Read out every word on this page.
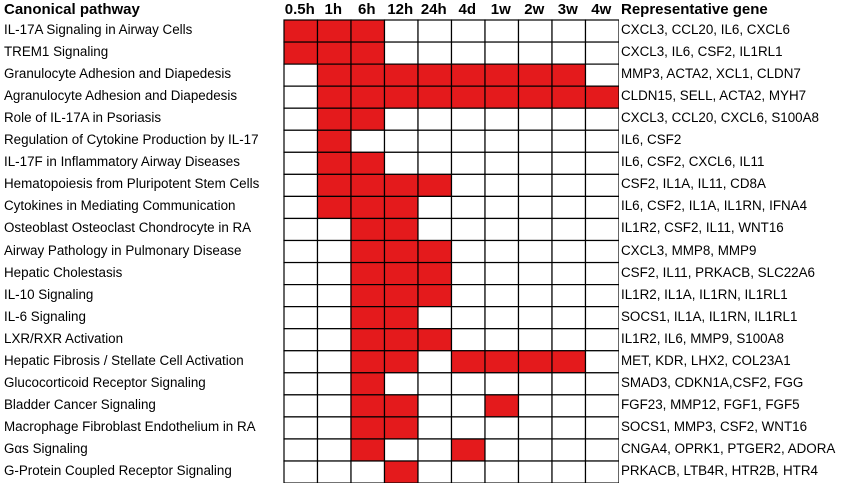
Canonical pathway	0.5h 1h	6h 12h 24h 4d 1w 2w 3w 4w Representative gene
IL-17A Signaling in Airway Cells
TREM1 Signaling
Granulocyte Adhesion and Diapedesis
Agranulocyte Adhesion and Diapedesis
Role of IL-17A in Psoriasis
Regulation of Cytokine Production by IL-17
IL-17F in Inflammatory Airway Diseases
Hematopoiesis from Pluripotent Stem Cells
Cytokines in Mediating Communication
Osteoblast Osteoclast Chondrocyte in RA
Airway Pathology in Pulmonary Disease
Hepatic Cholestasis
IL-10 Signaling
IL-6 Signaling
LXR/RXR Activation
Hepatic Fibrosis / Stellate Cell Activation
Glucocorticoid Receptor Signaling
Bladder Cancer Signaling
Macrophage Fibroblast Endothelium in RA
Gαs Signaling
G-Protein Coupled Receptor Signaling
CXCL3, CCL20, IL6, CXCL6
CXCL3, IL6, CSF2, IL1RL1
MMP3, ACTA2, XCL1, CLDN7
CLDN15, SELL, ACTA2, MYH7
CXCL3, CCL20, CXCL6, S100A8
IL6, CSF2
IL6, CSF2, CXCL6, IL11
CSF2, IL1A, IL11, CD8A
IL6, CSF2, IL1A, IL1RN, IFNA4
IL1R2, CSF2, IL11, WNT16
CXCL3, MMP8, MMP9
CSF2, IL11, PRKACB, SLC22A6
IL1R2, IL1A, IL1RN, IL1RL1
SOCS1, IL1A, IL1RN, IL1RL1
IL1R2, IL6, MMP9, S100A8
MET, KDR, LHX2, COL23A1
SMAD3, CDKN1A,CSF2, FGG
FGF23, MMP12, FGF1, FGF5
SOCS1, MMP3, CSF2, WNT16
CNGA4, OPRK1, PTGER2, ADORA
PRKACB, LTB4R, HTR2B, HTR4
